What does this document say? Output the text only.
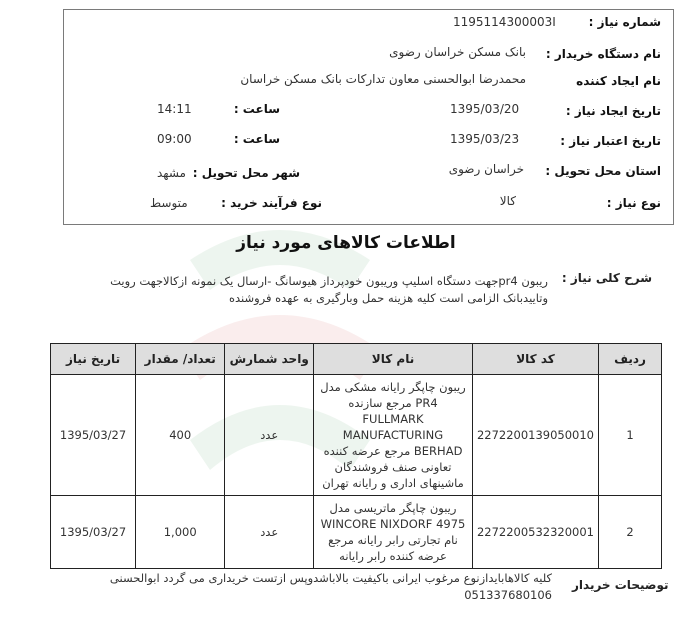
شماره نیاز :
1195114300003I
نام دستگاه خریدار :
بانک مسکن خراسان رضوی
نام ایجاد کننده
محمدرضا ابوالحسنی معاون تدارکات بانک مسکن خراسان
تاریخ ایجاد نیاز :
1395/03/20
ساعت :
14:11
تاریخ اعتبار نیاز :
1395/03/23
ساعت :
09:00
استان محل تحویل :
خراسان رضوی
شهر محل تحویل :
مشهد
نوع نیاز :
کالا
نوع فرآیند خرید :
متوسط
اطلاعات کالاهای مورد نیاز
شرح کلی نیاز :
ریبون pr4جهت دستگاه اسلیپ وریبون خودپرداز هیوسانگ -ارسال یک نمونه ازکالاجهت رویت وتاییدبانک الزامی است کلیه هزینه حمل وبارگیری به عهده فروشنده
ردیف	کد کالا	نام کالا	واحد شمارش	تعداد/ مقدار	تاریخ نیاز
1	2272200139050010	ریبون چاپگر رایانه مشکی مدل PR4 مرجع سازنده FULLMARK MANUFACTURING BERHAD مرجع عرضه کننده تعاونی صنف فروشندگان ماشینهای اداری و رایانه تهران	عدد	400	1395/03/27
2	2272200532320001	ریبون چاپگر ماتریسی مدل WINCORE NIXDORF 4975 نام تجارتی رابر رایانه مرجع عرضه کننده رابر رایانه	عدد	1,000	1395/03/27
توضیحات خریدار
کلیه کالاهاباید‌ازنوع مرغوب ایرانی باکیفیت بالاباشدوپس ازتست خریداری می گردد ابوالحسنی 051337680106
